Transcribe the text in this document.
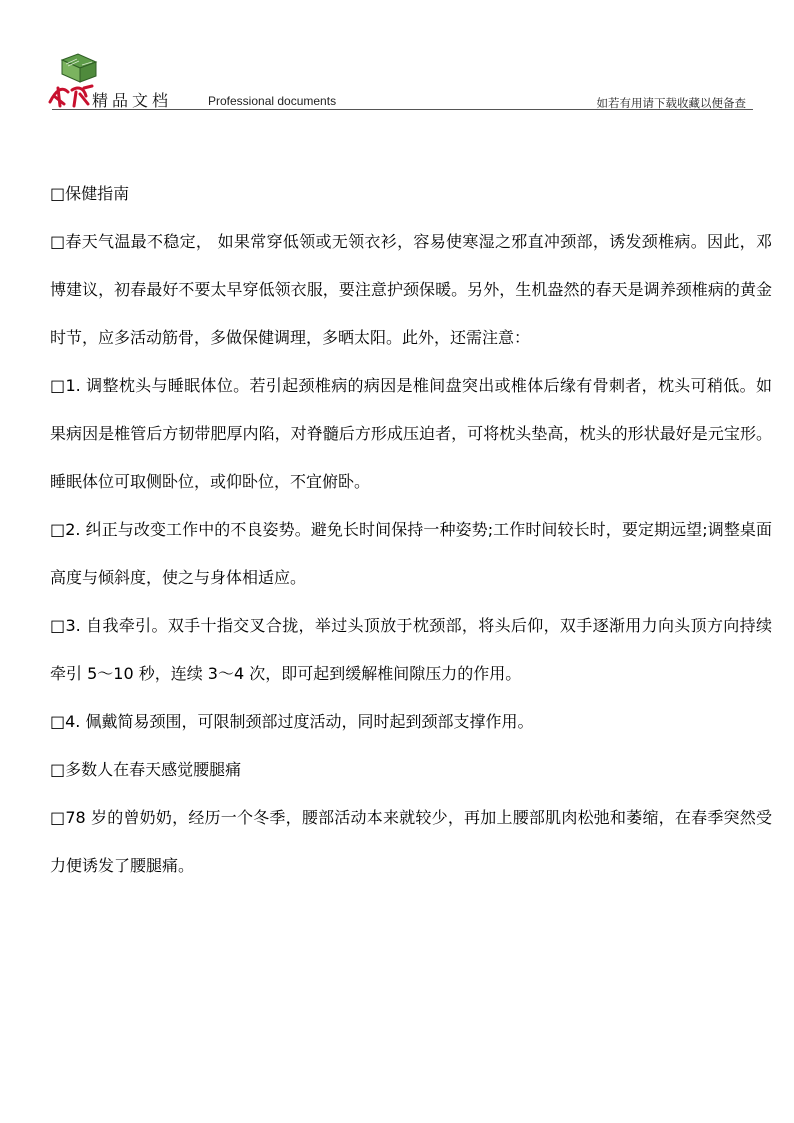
精品文档	Professional documents	如若有用请下载收藏以便备查

□保健指南

□春天气温最不稳定， 如果常穿低领或无领衣衫，容易使寒湿之邪直冲颈部，诱发颈椎病。因此，邓博建议，初春最好不要太早穿低领衣服，要注意护颈保暖。另外，生机盎然的春天是调养颈椎病的黄金时节，应多活动筋骨，多做保健调理，多晒太阳。此外，还需注意：

□1. 调整枕头与睡眠体位。若引起颈椎病的病因是椎间盘突出或椎体后缘有骨刺者，枕头可稍低。如果病因是椎管后方韧带肥厚内陷，对脊髓后方形成压迫者，可将枕头垫高，枕头的形状最好是元宝形。睡眠体位可取侧卧位，或仰卧位，不宜俯卧。

□2. 纠正与改变工作中的不良姿势。避免长时间保持一种姿势;工作时间较长时，要定期远望;调整桌面高度与倾斜度，使之与身体相适应。

□3. 自我牵引。双手十指交叉合拢，举过头顶放于枕颈部，将头后仰，双手逐渐用力向头顶方向持续牵引 5～10 秒，连续 3～4 次，即可起到缓解椎间隙压力的作用。

□4. 佩戴简易颈围，可限制颈部过度活动，同时起到颈部支撑作用。

□多数人在春天感觉腰腿痛

□78 岁的曾奶奶，经历一个冬季，腰部活动本来就较少，再加上腰部肌肉松弛和萎缩，在春季突然受力便诱发了腰腿痛。
